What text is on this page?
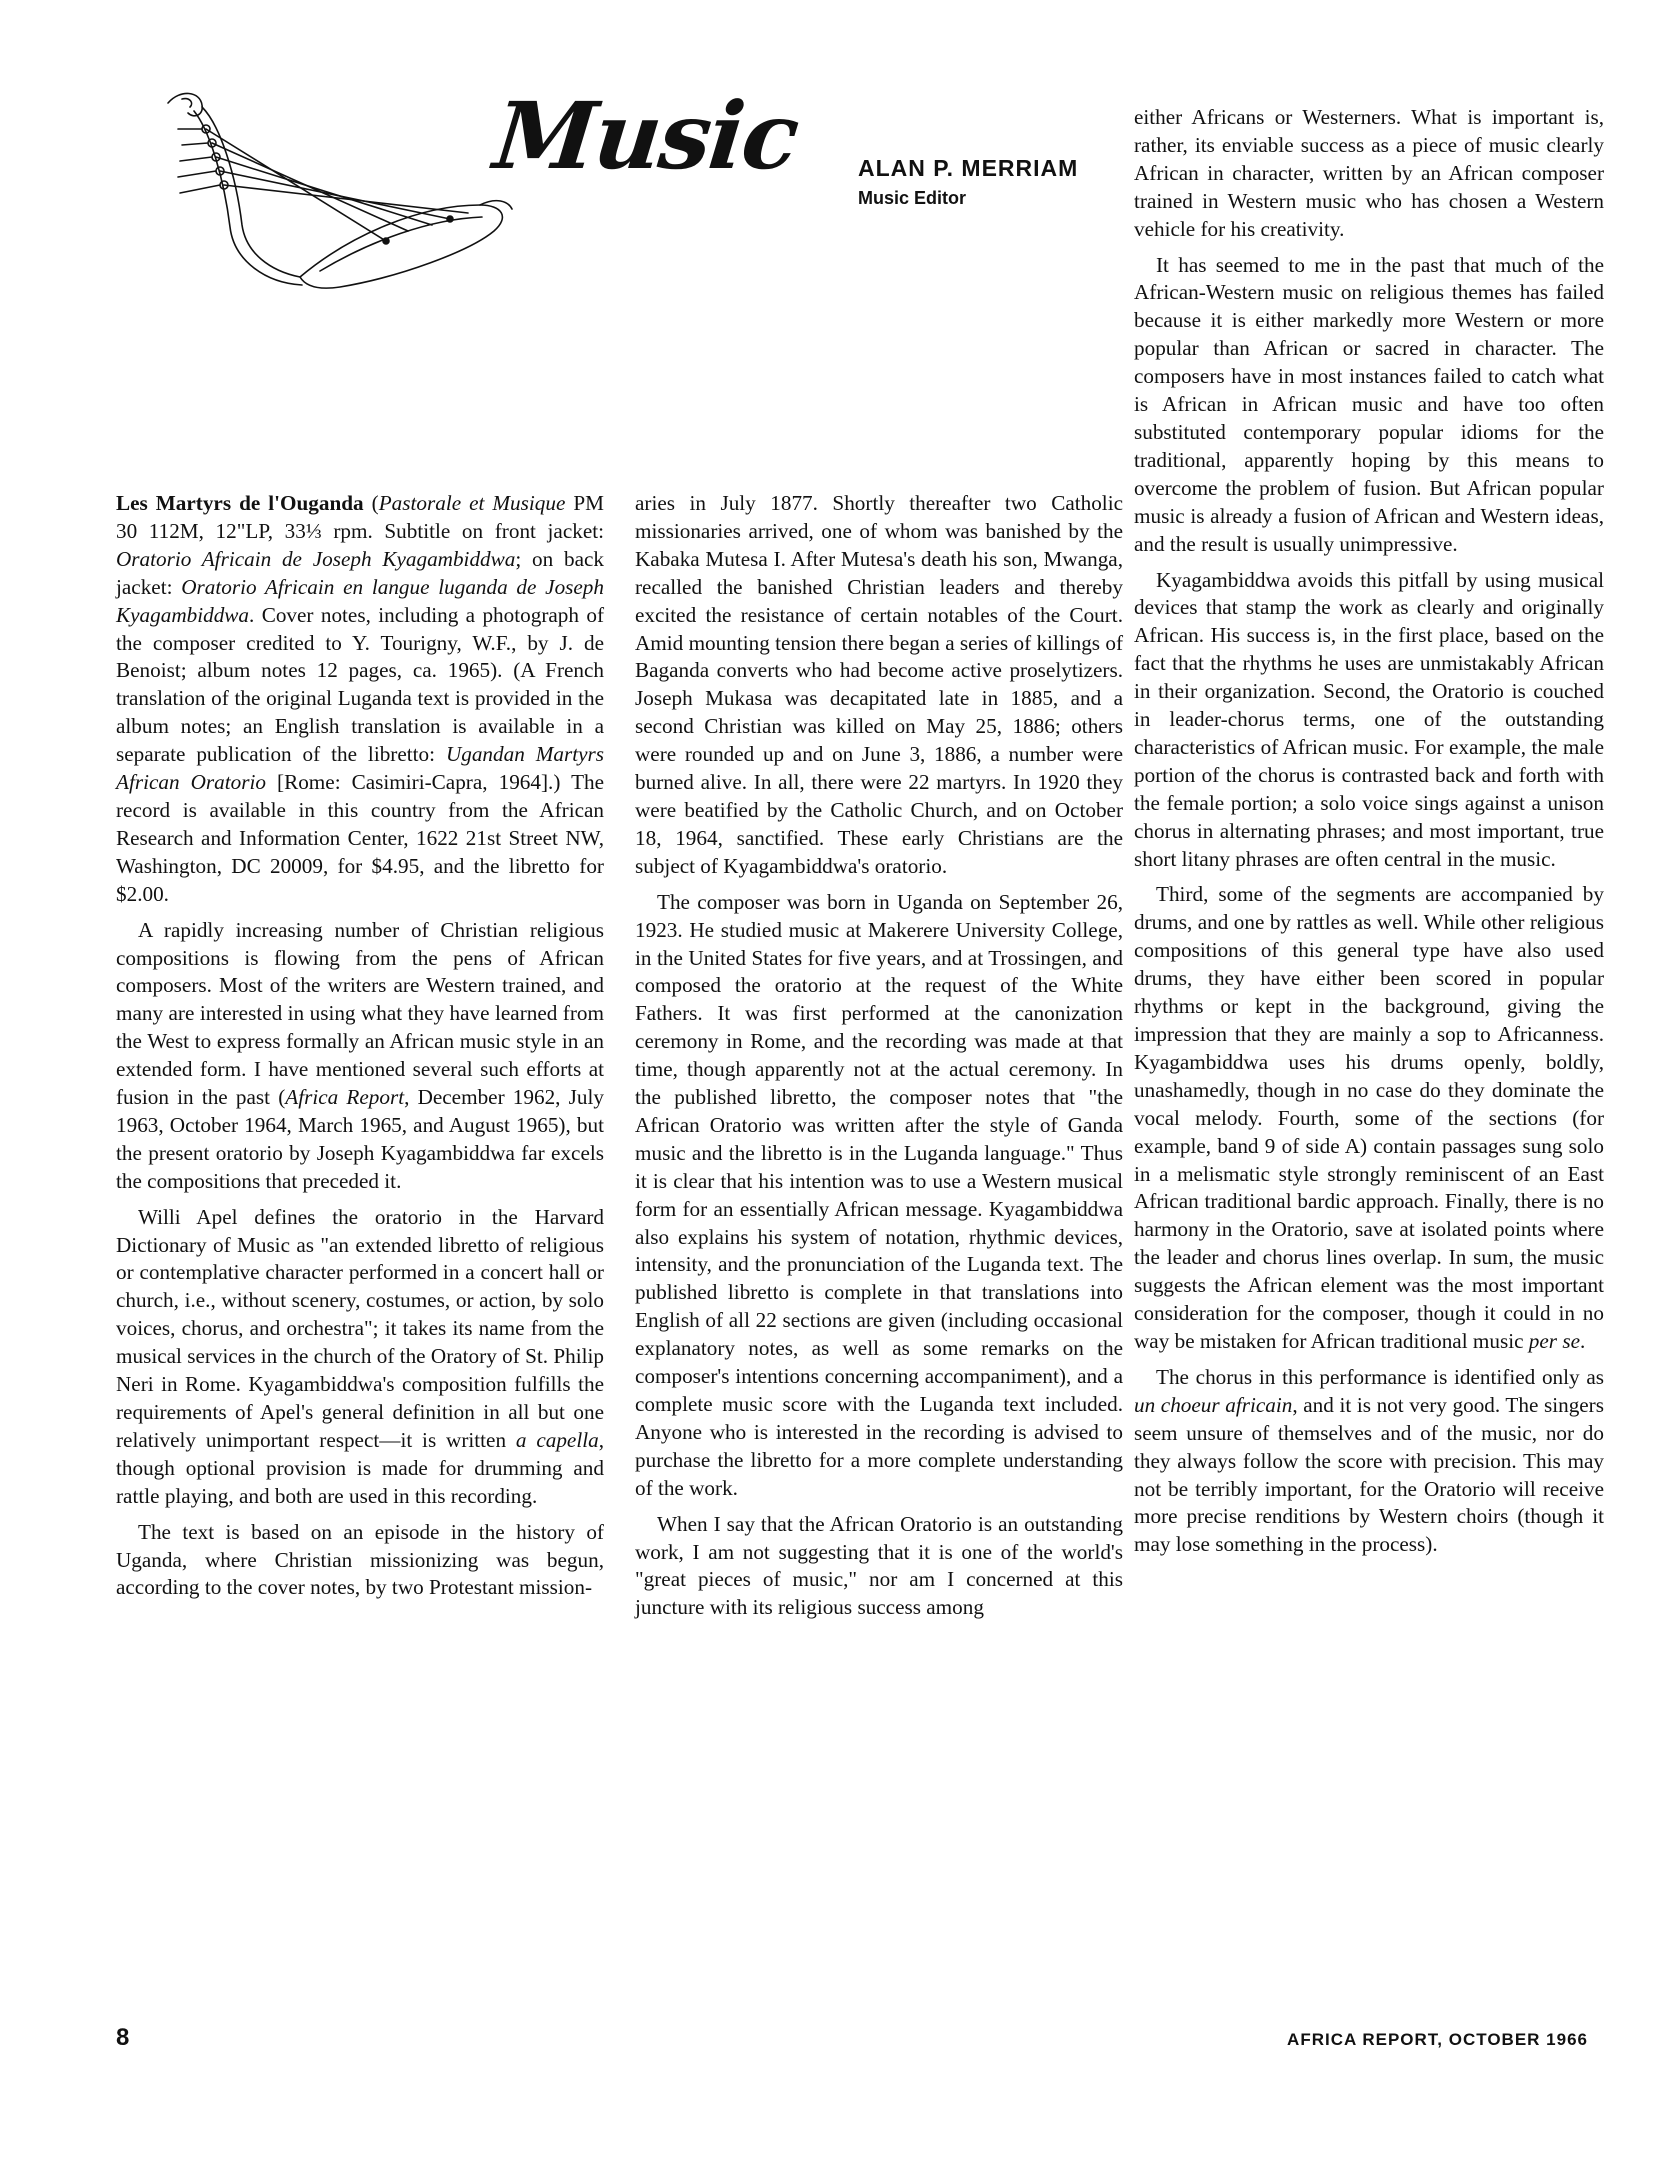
Music ALAN P. MERRIAM
Music Editor

Les Martyrs de l'Ouganda (Pastorale et Musique PM 30 112M, 12"LP, 33⅓ rpm. Subtitle on front jacket: Oratorio Africain de Joseph Kyagambiddwa; on back jacket: Oratorio Africain en langue luganda de Joseph Kyagambiddwa. Cover notes, including a photograph of the composer credited to Y. Tourigny, W.F., by J. de Benoist; album notes 12 pages, ca. 1965). (A French translation of the original Luganda text is provided in the album notes; an English translation is available in a separate publication of the libretto: Ugandan Martyrs African Oratorio [Rome: Casimiri-Capra, 1964].) The record is available in this country from the African Research and Information Center, 1622 21st Street NW, Washington, DC 20009, for $4.95, and the libretto for $2.00.

A rapidly increasing number of Christian religious compositions is flowing from the pens of African composers. Most of the writers are Western trained, and many are interested in using what they have learned from the West to express formally an African music style in an extended form. I have mentioned several such efforts at fusion in the past (Africa Report, December 1962, July 1963, October 1964, March 1965, and August 1965), but the present oratorio by Joseph Kyagambiddwa far excels the compositions that preceded it.

Willi Apel defines the oratorio in the Harvard Dictionary of Music as "an extended libretto of religious or contemplative character performed in a concert hall or church, i.e., without scenery, costumes, or action, by solo voices, chorus, and orchestra"; it takes its name from the musical services in the church of the Oratory of St. Philip Neri in Rome. Kyagambiddwa's composition fulfills the requirements of Apel's general definition in all but one relatively unimportant respect—it is written a capella, though optional provision is made for drumming and rattle playing, and both are used in this recording.

The text is based on an episode in the history of Uganda, where Christian missionizing was begun, according to the cover notes, by two Protestant mission-

aries in July 1877. Shortly thereafter two Catholic missionaries arrived, one of whom was banished by the Kabaka Mutesa I. After Mutesa's death his son, Mwanga, recalled the banished Christian leaders and thereby excited the resistance of certain notables of the Court. Amid mounting tension there began a series of killings of Baganda converts who had become active proselytizers. Joseph Mukasa was decapitated late in 1885, and a second Christian was killed on May 25, 1886; others were rounded up and on June 3, 1886, a number were burned alive. In all, there were 22 martyrs. In 1920 they were beatified by the Catholic Church, and on October 18, 1964, sanctified. These early Christians are the subject of Kyagambiddwa's oratorio.

The composer was born in Uganda on September 26, 1923. He studied music at Makerere University College, in the United States for five years, and at Trossingen, and composed the oratorio at the request of the White Fathers. It was first performed at the canonization ceremony in Rome, and the recording was made at that time, though apparently not at the actual ceremony. In the published libretto, the composer notes that "the African Oratorio was written after the style of Ganda music and the libretto is in the Luganda language." Thus it is clear that his intention was to use a Western musical form for an essentially African message. Kyagambiddwa also explains his system of notation, rhythmic devices, intensity, and the pronunciation of the Luganda text. The published libretto is complete in that translations into English of all 22 sections are given (including occasional explanatory notes, as well as some remarks on the composer's intentions concerning accompaniment), and a complete music score with the Luganda text included. Anyone who is interested in the recording is advised to purchase the libretto for a more complete understanding of the work.

When I say that the African Oratorio is an outstanding work, I am not suggesting that it is one of the world's "great pieces of music," nor am I concerned at this juncture with its religious success among

either Africans or Westerners. What is important is, rather, its enviable success as a piece of music clearly African in character, written by an African composer trained in Western music who has chosen a Western vehicle for his creativity.

It has seemed to me in the past that much of the African-Western music on religious themes has failed because it is either markedly more Western or more popular than African or sacred in character. The composers have in most instances failed to catch what is African in African music and have too often substituted contemporary popular idioms for the traditional, apparently hoping by this means to overcome the problem of fusion. But African popular music is already a fusion of African and Western ideas, and the result is usually unimpressive.

Kyagambiddwa avoids this pitfall by using musical devices that stamp the work as clearly and originally African. His success is, in the first place, based on the fact that the rhythms he uses are unmistakably African in their organization. Second, the Oratorio is couched in leader-chorus terms, one of the outstanding characteristics of African music. For example, the male portion of the chorus is contrasted back and forth with the female portion; a solo voice sings against a unison chorus in alternating phrases; and most important, true short litany phrases are often central in the music.

Third, some of the segments are accompanied by drums, and one by rattles as well. While other religious compositions of this general type have also used drums, they have either been scored in popular rhythms or kept in the background, giving the impression that they are mainly a sop to Africanness. Kyagambiddwa uses his drums openly, boldly, unashamedly, though in no case do they dominate the vocal melody. Fourth, some of the sections (for example, band 9 of side A) contain passages sung solo in a melismatic style strongly reminiscent of an East African traditional bardic approach. Finally, there is no harmony in the Oratorio, save at isolated points where the leader and chorus lines overlap. In sum, the music suggests the African element was the most important consideration for the composer, though it could in no way be mistaken for African traditional music per se.

The chorus in this performance is identified only as un choeur africain, and it is not very good. The singers seem unsure of themselves and of the music, nor do they always follow the score with precision. This may not be terribly important, for the Oratorio will receive more precise renditions by Western choirs (though it may lose something in the process).

8	AFRICA REPORT, OCTOBER 1966
